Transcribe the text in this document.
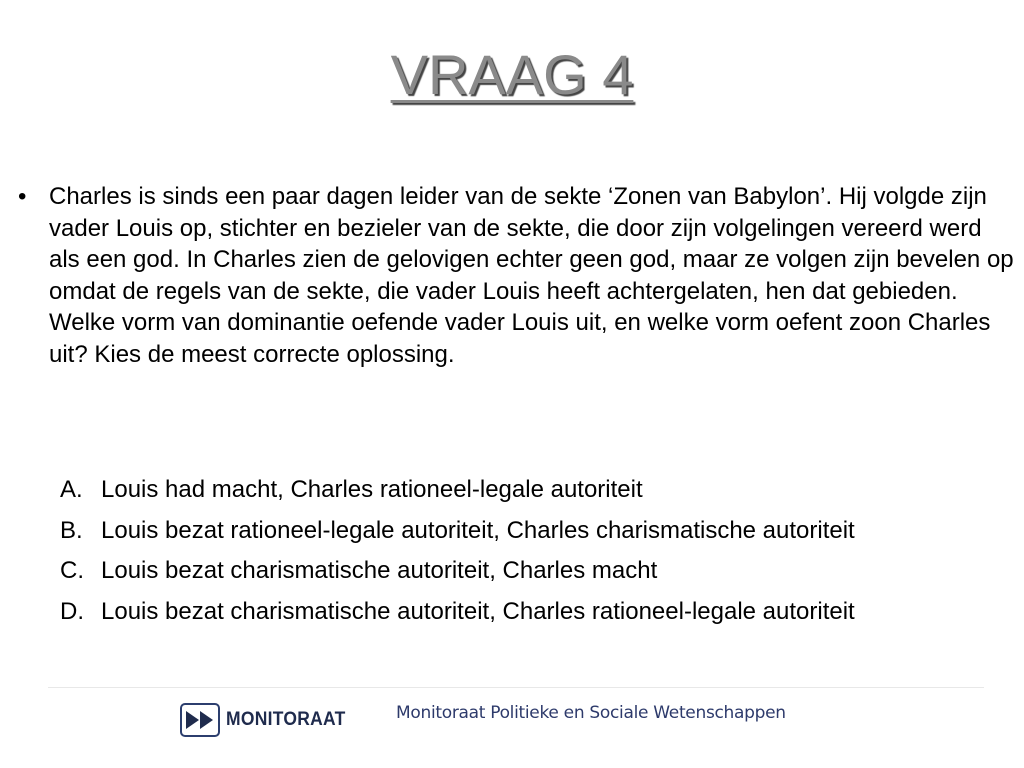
VRAAG 4
• Charles is sinds een paar dagen leider van de sekte ‘Zonen van Babylon’. Hij volgde zijn vader Louis op, stichter en bezieler van de sekte, die door zijn volgelingen vereerd werd als een god. In Charles zien de gelovigen echter geen god, maar ze volgen zijn bevelen op omdat de regels van de sekte, die vader Louis heeft achtergelaten, hen dat gebieden. Welke vorm van dominantie oefende vader Louis uit, en welke vorm oefent zoon Charles uit? Kies de meest correcte oplossing.
A. Louis had macht, Charles rationeel-legale autoriteit
B. Louis bezat rationeel-legale autoriteit, Charles charismatische autoriteit
C. Louis bezat charismatische autoriteit, Charles macht
D. Louis bezat charismatische autoriteit, Charles rationeel-legale autoriteit
MONITORAAT	Monitoraat Politieke en Sociale Wetenschappen
